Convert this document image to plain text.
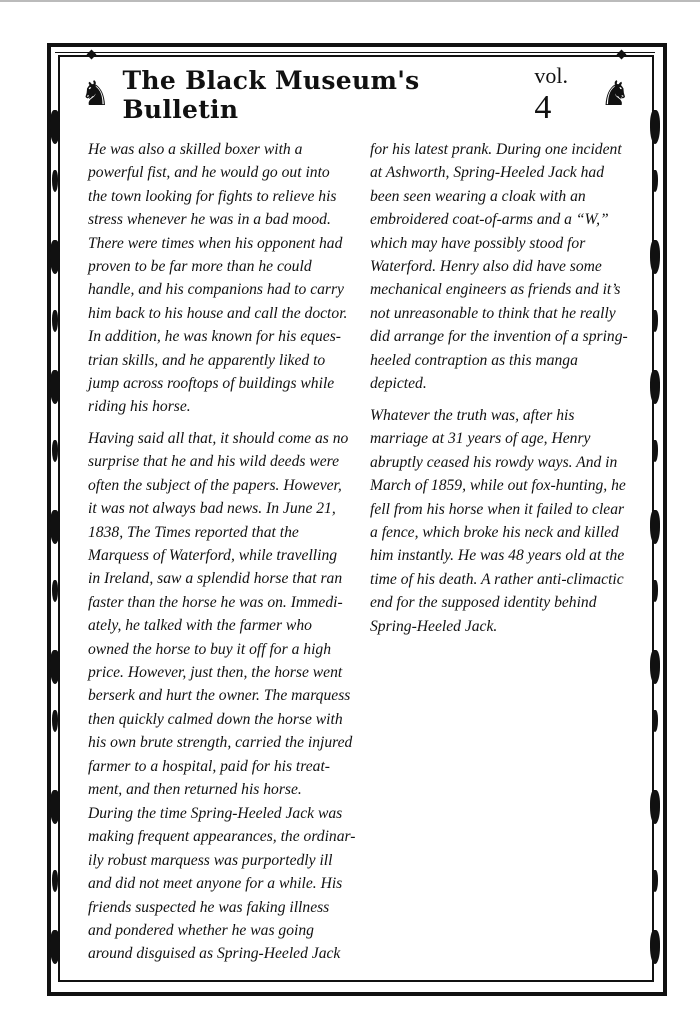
♞ The Black Museum's Bulletin
vol. 4	♞
He was also a skilled boxer with a
powerful fist, and he would go out into
the town looking for fights to relieve his
stress whenever he was in a bad mood.
There were times when his opponent had
proven to be far more than he could
handle, and his companions had to carry
him back to his house and call the doctor.
In addition, he was known for his eques-
trian skills, and he apparently liked to
jump across rooftops of buildings while
riding his horse.
Having said all that, it should come as no
surprise that he and his wild deeds were
often the subject of the papers. However,
it was not always bad news. In June 21,
1838, The Times reported that the
Marquess of Waterford, while travelling
in Ireland, saw a splendid horse that ran
faster than the horse he was on. Immedi-
ately, he talked with the farmer who
owned the horse to buy it off for a high
price. However, just then, the horse went
berserk and hurt the owner. The marquess
then quickly calmed down the horse with
his own brute strength, carried the injured
farmer to a hospital, paid for his treat-
ment, and then returned his horse.
During the time Spring-Heeled Jack was
making frequent appearances, the ordinar-
ily robust marquess was purportedly ill
and did not meet anyone for a while. His
friends suspected he was faking illness
and pondered whether he was going
around disguised as Spring-Heeled Jack
for his latest prank. During one incident
at Ashworth, Spring-Heeled Jack had
been seen wearing a cloak with an
embroidered coat-of-arms and a “W,”
which may have possibly stood for
Waterford. Henry also did have some
mechanical engineers as friends and it’s
not unreasonable to think that he really
did arrange for the invention of a spring-
heeled contraption as this manga
depicted.
Whatever the truth was, after his
marriage at 31 years of age, Henry
abruptly ceased his rowdy ways. And in
March of 1859, while out fox-hunting, he
fell from his horse when it failed to clear
a fence, which broke his neck and killed
him instantly. He was 48 years old at the
time of his death. A rather anti-climactic
end for the supposed identity behind
Spring-Heeled Jack.
